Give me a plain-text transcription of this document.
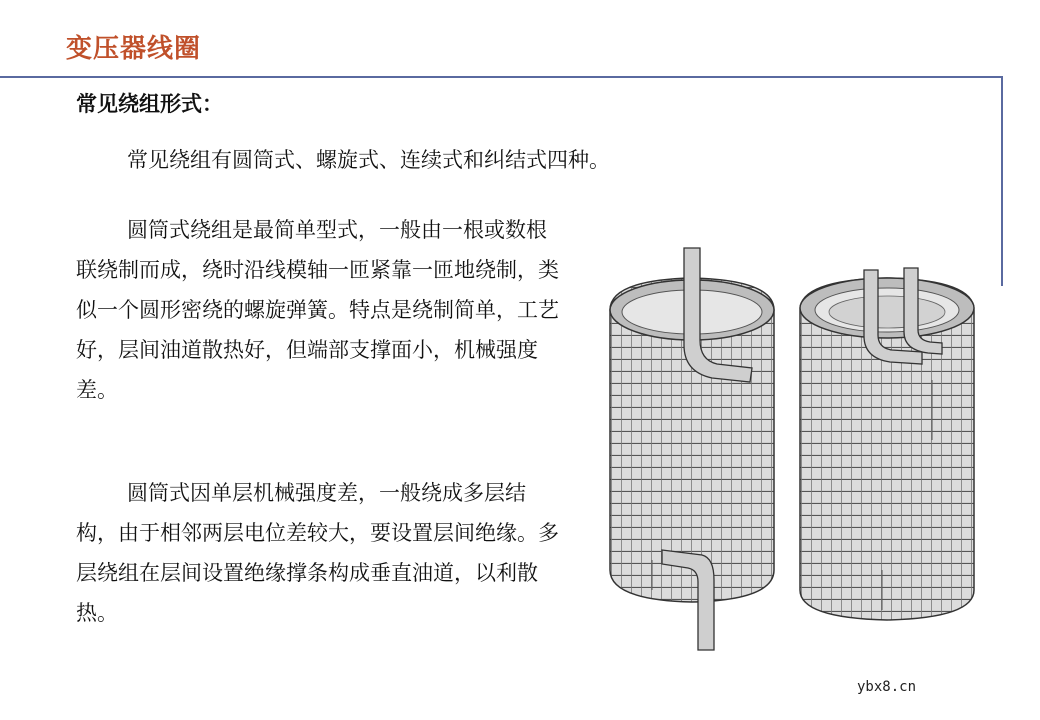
变压器线圈
常见绕组形式：
常见绕组有圆筒式、螺旋式、连续式和纠结式四种。
圆筒式绕组是最简单型式，一般由一根或数根联绕制而成，绕时沿线模轴一匝紧靠一匝地绕制，类似一个圆形密绕的螺旋弹簧。特点是绕制简单，工艺好，层间油道散热好，但端部支撑面小，机械强度差。
圆筒式因单层机械强度差，一般绕成多层结构，由于相邻两层电位差较大，要设置层间绝缘。多层绕组在层间设置绝缘撑条构成垂直油道，以利散热。
ybx8.cn
